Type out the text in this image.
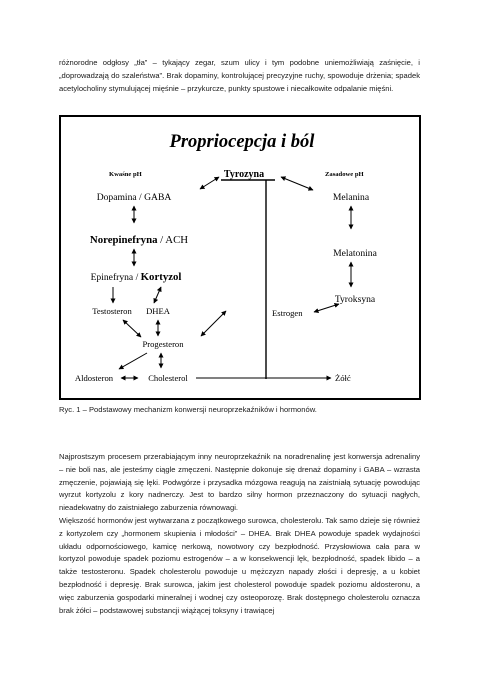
różnorodne odgłosy „tła” – tykający zegar, szum ulicy i tym podobne uniemożliwiają zaśnięcie, i „doprowadzają do szaleństwa”. Brak dopaminy, kontrolującej precyzyjne ruchy, spowoduje drżenia; spadek acetylocholiny stymulującej mięśnie – przykurcze, punkty spustowe i niecałkowite odpalanie mięśni.

Propriocepcja i ból
Kwaśne pH	Zasadowe pH
Tyrozyna
Dopamina / GABA
Norepinefryna / ACH
Epinefryna / Kortyzol
Testosteron DHEA
Progesteron
Aldosteron	Cholesterol	Żółć
Estrogen
Melanina
Melatonina
Tyroksyna

Ryc. 1 – Podstawowy mechanizm konwersji neuroprzekaźników i hormonów.

Najprostszym procesem przerabiającym inny neuroprzekaźnik na noradrenalinę jest konwersja adrenaliny – nie boli nas, ale jesteśmy ciągle zmęczeni. Następnie dokonuje się drenaż dopaminy i GABA – wzrasta zmęczenie, pojawiają się lęki. Podwgórze i przysadka mózgowa reagują na zaistniałą sytuację powodując wyrzut kortyzolu z kory nadnerczy. Jest to bardzo silny hormon przeznaczony do sytuacji nagłych, nieadekwatny do zaistniałego zaburzenia równowagi.

Większość hormonów jest wytwarzana z początkowego surowca, cholesterolu. Tak samo dzieje się również z kortyzolem czy „hormonem skupienia i młodości” – DHEA. Brak DHEA powoduje spadek wydajności układu odpornościowego, kamicę nerkową, nowotwory czy bezpłodność. Przysłowiowa cała para w kortyzol powoduje spadek poziomu estrogenów – a w konsekwencji lęk, bezpłodność, spadek libido – a także testosteronu. Spadek cholesterolu powoduje u mężczyzn napady złości i depresję, a u kobiet bezpłodność i depresję. Brak surowca, jakim jest cholesterol powoduje spadek poziomu aldosteronu, a więc zaburzenia gospodarki mineralnej i wodnej czy osteoporozę. Brak dostępnego cholesterolu oznacza brak żółci – podstawowej substancji wiążącej toksyny i trawiącej
